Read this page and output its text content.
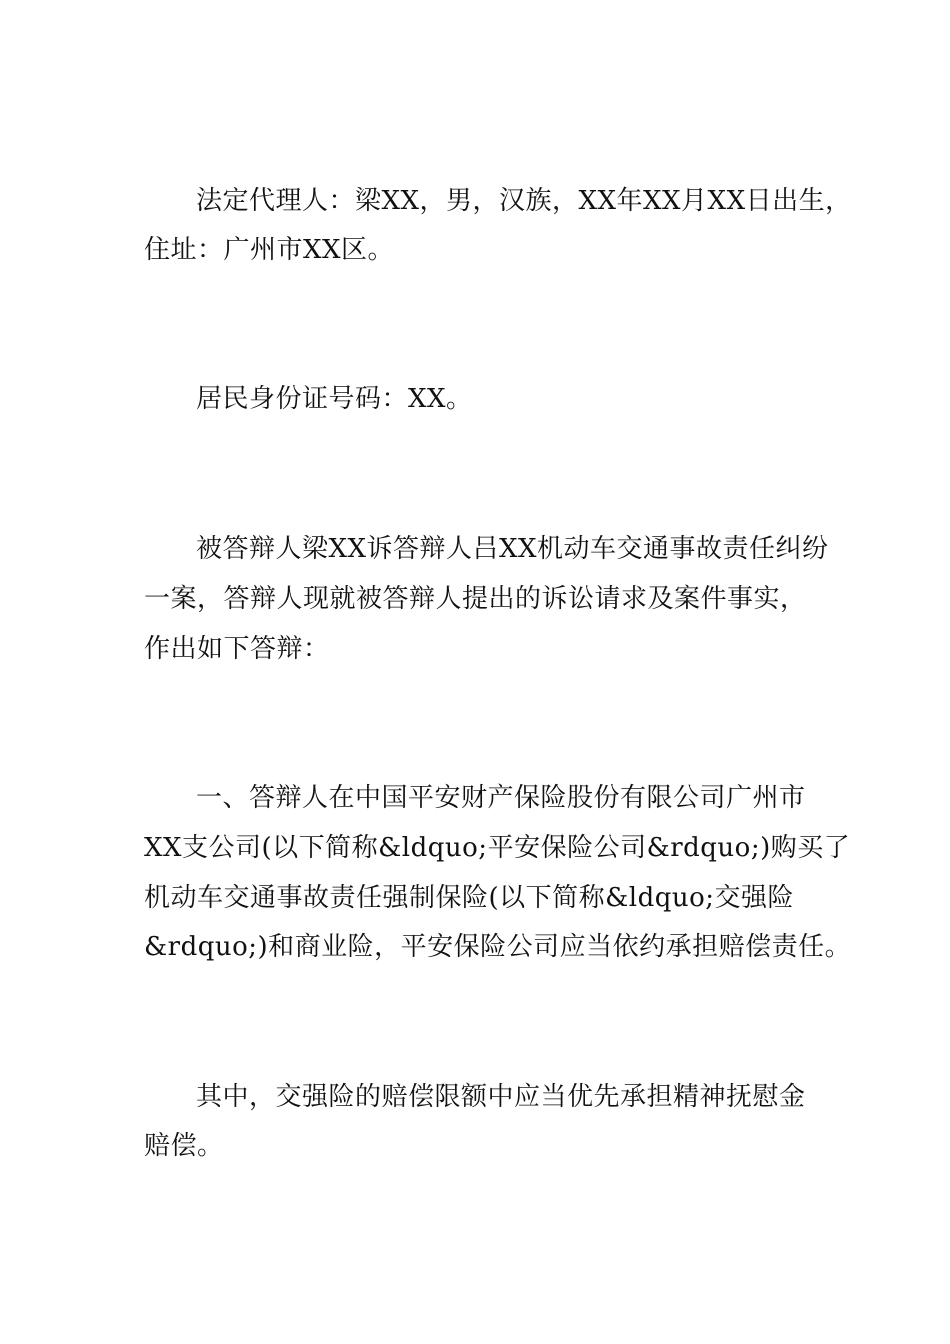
法定代理人：梁XX，男，汉族，XX年XX月XX日出生，
住址：广州市XX区。
居民身份证号码：XX。
被答辩人梁XX诉答辩人吕XX机动车交通事故责任纠纷
一案，答辩人现就被答辩人提出的诉讼请求及案件事实，
作出如下答辩：
一、答辩人在中国平安财产保险股份有限公司广州市
XX支公司(以下简称&ldquo;平安保险公司&rdquo;)购买了
机动车交通事故责任强制保险(以下简称&ldquo;交强险
&rdquo;)和商业险，平安保险公司应当依约承担赔偿责任。
其中，交强险的赔偿限额中应当优先承担精神抚慰金
赔偿。
